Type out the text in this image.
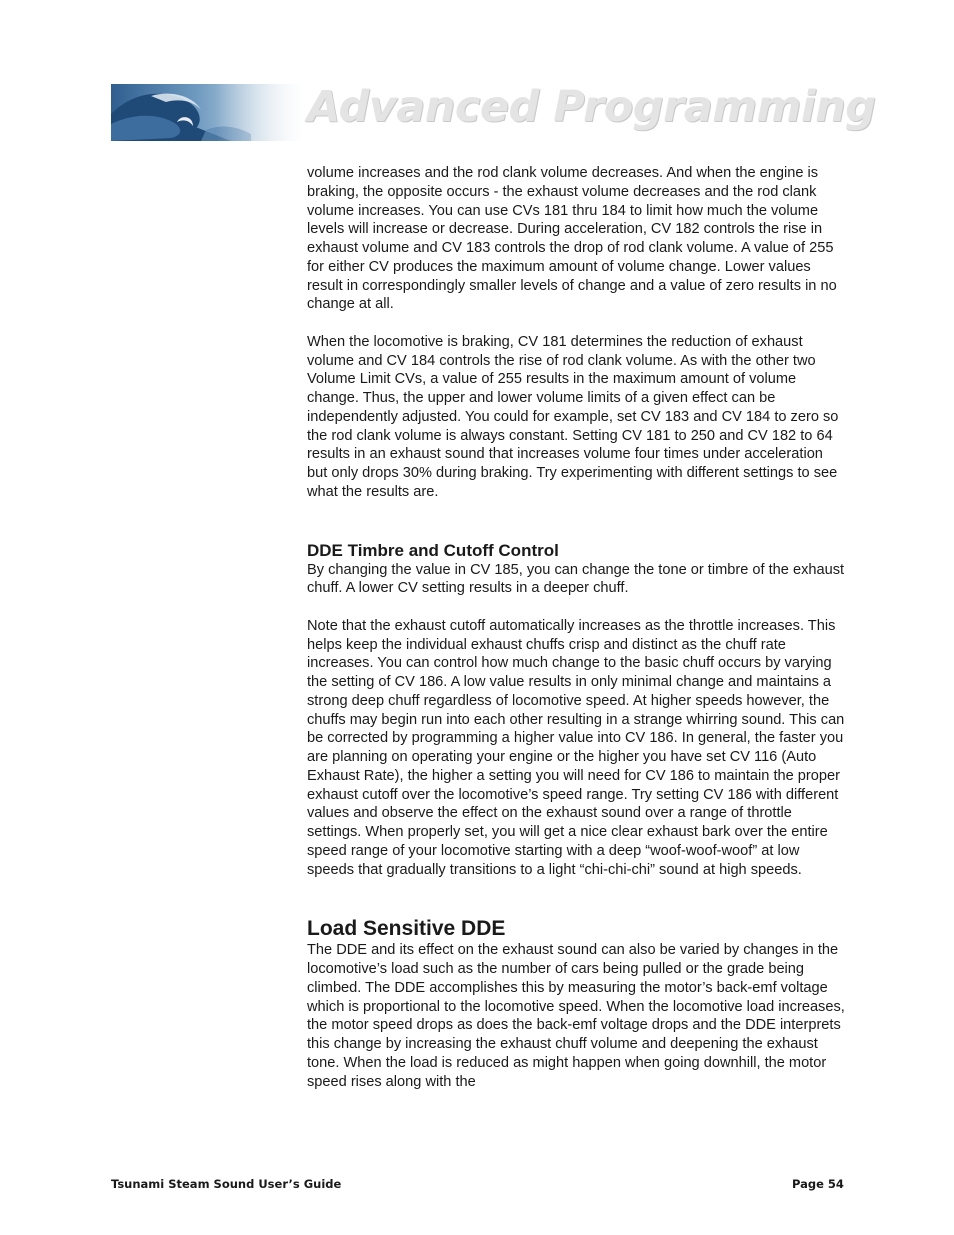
Advanced Programming

volume increases and the rod clank volume decreases. And when the engine is braking, the opposite occurs - the exhaust volume decreases and the rod clank volume increases. You can use CVs 181 thru 184 to limit how much the volume levels will increase or decrease. During acceleration, CV 182 controls the rise in exhaust volume and CV 183 controls the drop of rod clank volume. A value of 255 for either CV produces the maximum amount of volume change. Lower values result in correspondingly smaller levels of change and a value of zero results in no change at all.

When the locomotive is braking, CV 181 determines the reduction of exhaust volume and CV 184 controls the rise of rod clank volume. As with the other two Volume Limit CVs, a value of 255 results in the maximum amount of volume change. Thus, the upper and lower volume limits of a given effect can be independently adjusted. You could for example, set CV 183 and CV 184 to zero so the rod clank volume is always constant. Setting CV 181 to 250 and CV 182 to 64 results in an exhaust sound that increases volume four times under acceleration but only drops 30% during braking. Try experimenting with different settings to see what the results are.

DDE Timbre and Cutoff Control

By changing the value in CV 185, you can change the tone or timbre of the exhaust chuff. A lower CV setting results in a deeper chuff.

Note that the exhaust cutoff automatically increases as the throttle increases. This helps keep the individual exhaust chuffs crisp and distinct as the chuff rate increases. You can control how much change to the basic chuff occurs by varying the setting of CV 186. A low value results in only minimal change and maintains a strong deep chuff regardless of locomotive speed. At higher speeds however, the chuffs may begin run into each other resulting in a strange whirring sound. This can be corrected by programming a higher value into CV 186. In general, the faster you are planning on operating your engine or the higher you have set CV 116 (Auto Exhaust Rate), the higher a setting you will need for CV 186 to maintain the proper exhaust cutoff over the locomotive’s speed range. Try setting CV 186 with different values and observe the effect on the exhaust sound over a range of throttle settings. When properly set, you will get a nice clear exhaust bark over the entire speed range of your locomotive starting with a deep “woof-woof-woof” at low speeds that gradually transitions to a light “chi-chi-chi” sound at high speeds.

Load Sensitive DDE

The DDE and its effect on the exhaust sound can also be varied by changes in the locomotive’s load such as the number of cars being pulled or the grade being climbed. The DDE accomplishes this by measuring the motor’s back-emf voltage which is proportional to the locomotive speed. When the locomotive load increases, the motor speed drops as does the back-emf voltage drops and the DDE interprets this change by increasing the exhaust chuff volume and deepening the exhaust tone. When the load is reduced as might happen when going downhill, the motor speed rises along with the

Tsunami Steam Sound User’s Guide	Page 54
